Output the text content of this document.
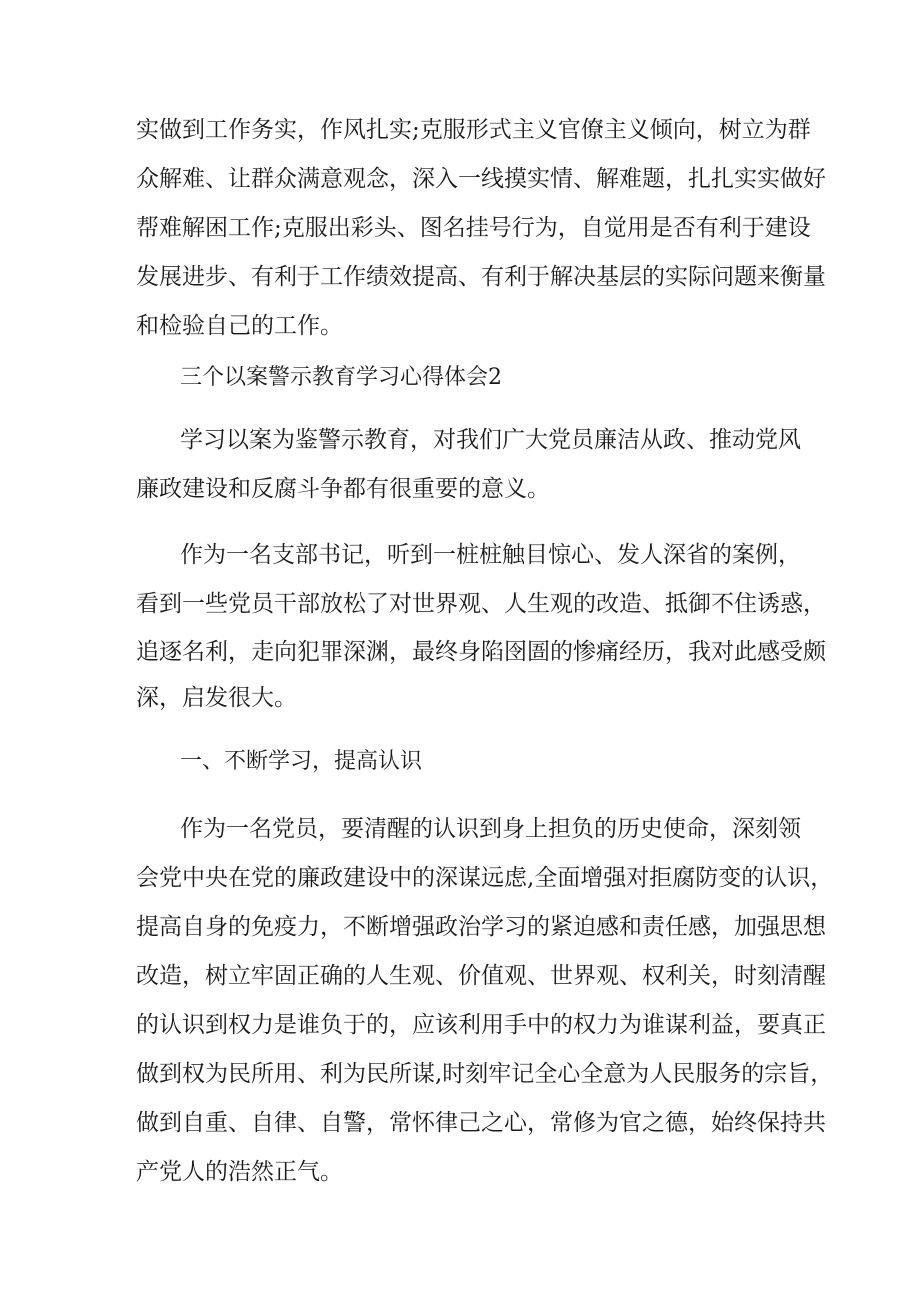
实做到工作务实，作风扎实;克服形式主义官僚主义倾向，树立为群
众解难、让群众满意观念，深入一线摸实情、解难题，扎扎实实做好
帮难解困工作;克服出彩头、图名挂号行为，自觉用是否有利于建设
发展进步、有利于工作绩效提高、有利于解决基层的实际问题来衡量
和检验自己的工作。
三个以案警示教育学习心得体会2
学习以案为鉴警示教育，对我们广大党员廉洁从政、推动党风
廉政建设和反腐斗争都有很重要的意义。
作为一名支部书记，听到一桩桩触目惊心、发人深省的案例，
看到一些党员干部放松了对世界观、人生观的改造、抵御不住诱惑，
追逐名利，走向犯罪深渊，最终身陷囹圄的惨痛经历，我对此感受颇
深，启发很大。
一、不断学习，提高认识
作为一名党员，要清醒的认识到身上担负的历史使命，深刻领
会党中央在党的廉政建设中的深谋远虑,全面增强对拒腐防变的认识，
提高自身的免疫力，不断增强政治学习的紧迫感和责任感，加强思想
改造，树立牢固正确的人生观、价值观、世界观、权利关，时刻清醒
的认识到权力是谁负于的，应该利用手中的权力为谁谋利益，要真正
做到权为民所用、利为民所谋,时刻牢记全心全意为人民服务的宗旨，
做到自重、自律、自警，常怀律己之心，常修为官之德，始终保持共
产党人的浩然正气。
